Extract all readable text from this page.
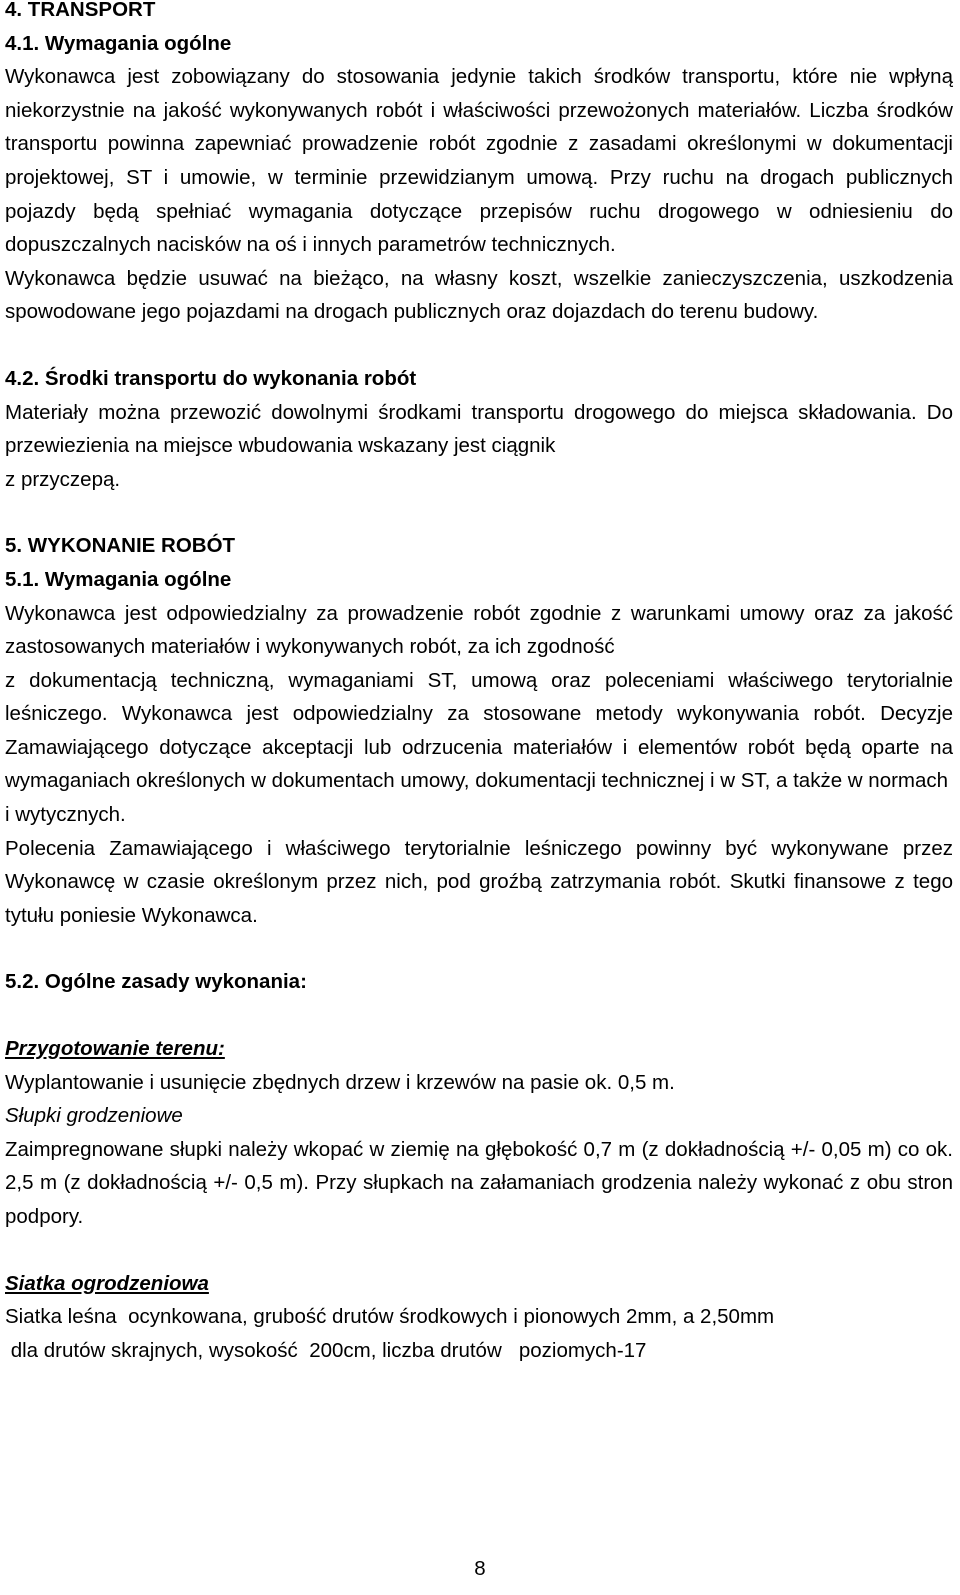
4. TRANSPORT

4.1. Wymagania ogólne

Wykonawca jest zobowiązany do stosowania jedynie takich środków transportu, które nie wpłyną niekorzystnie na jakość wykonywanych robót i właściwości przewożonych materiałów. Liczba środków transportu powinna zapewniać prowadzenie robót zgodnie z zasadami określonymi w dokumentacji projektowej, ST i umowie, w terminie przewidzianym umową. Przy ruchu na drogach publicznych pojazdy będą spełniać wymagania dotyczące przepisów ruchu drogowego w odniesieniu do dopuszczalnych nacisków na oś i innych parametrów technicznych.

Wykonawca będzie usuwać na bieżąco, na własny koszt, wszelkie zanieczyszczenia, uszkodzenia spowodowane jego pojazdami na drogach publicznych oraz dojazdach do terenu budowy.

4.2. Środki transportu do wykonania robót

Materiały można przewozić dowolnymi środkami transportu drogowego do miejsca składowania. Do przewiezienia na miejsce wbudowania wskazany jest ciągnik

z przyczepą.

5. WYKONANIE ROBÓT

5.1. Wymagania ogólne

Wykonawca jest odpowiedzialny za prowadzenie robót zgodnie z warunkami umowy oraz za jakość zastosowanych materiałów i wykonywanych robót, za ich zgodność

z dokumentacją techniczną, wymaganiami ST, umową oraz poleceniami właściwego terytorialnie leśniczego. Wykonawca jest odpowiedzialny za stosowane metody wykonywania robót. Decyzje Zamawiającego dotyczące akceptacji lub odrzucenia materiałów i elementów robót będą oparte na wymaganiach określonych w dokumentach umowy, dokumentacji technicznej i w ST, a także w normach

i wytycznych.

Polecenia Zamawiającego i właściwego terytorialnie leśniczego powinny być wykonywane przez Wykonawcę w czasie określonym przez nich, pod groźbą zatrzymania robót. Skutki finansowe z tego tytułu poniesie Wykonawca.

5.2. Ogólne zasady wykonania:

Przygotowanie terenu:

Wyplantowanie i usunięcie zbędnych drzew i krzewów na pasie ok. 0,5 m.

Słupki grodzeniowe

Zaimpregnowane słupki należy wkopać w ziemię na głębokość 0,7 m (z dokładnością +/- 0,05 m) co ok. 2,5 m (z dokładnością +/- 0,5 m). Przy słupkach na załamaniach grodzenia należy wykonać z obu stron podpory.

Siatka ogrodzeniowa

Siatka leśna  ocynkowana, grubość drutów środkowych i pionowych 2mm, a 2,50mm

dla drutów skrajnych, wysokość  200cm, liczba drutów   poziomych-17

8
